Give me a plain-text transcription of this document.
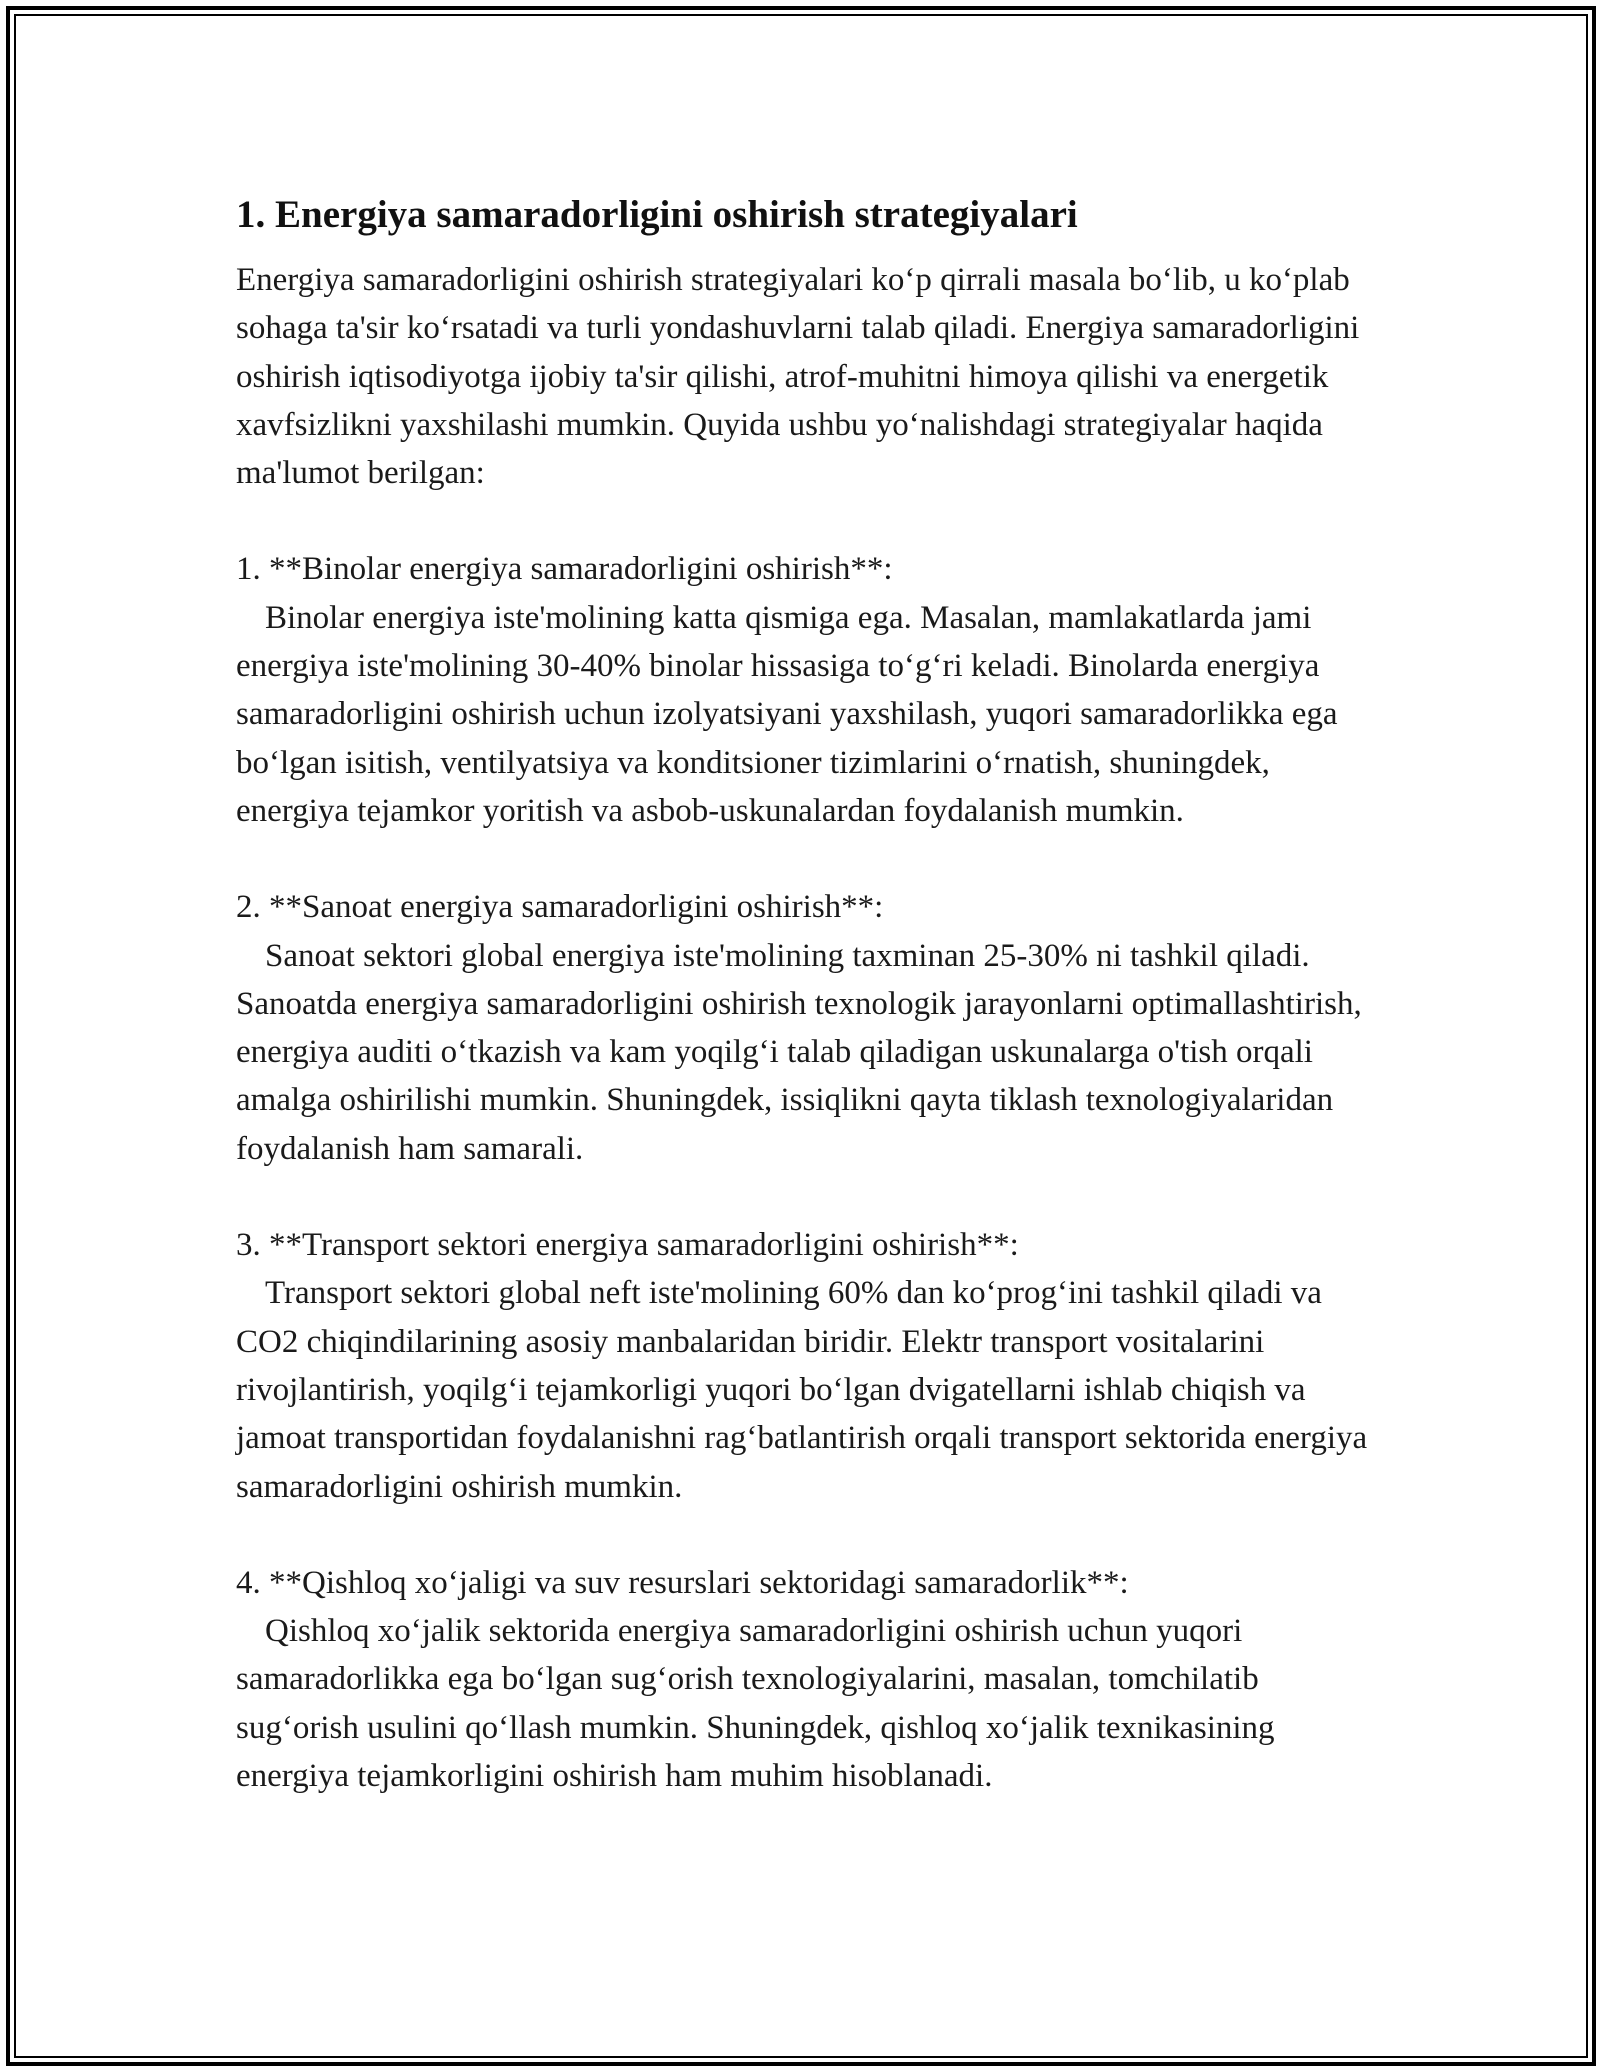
1. Energiya samaradorligini oshirish strategiyalari

Energiya samaradorligini oshirish strategiyalari ko‘p qirrali masala bo‘lib, u ko‘plab sohaga ta'sir ko‘rsatadi va turli yondashuvlarni talab qiladi. Energiya samaradorligini oshirish iqtisodiyotga ijobiy ta'sir qilishi, atrof-muhitni himoya qilishi va energetik xavfsizlikni yaxshilashi mumkin. Quyida ushbu yo‘nalishdagi strategiyalar haqida ma'lumot berilgan:

1. **Binolar energiya samaradorligini oshirish**:

Binolar energiya iste'molining katta qismiga ega. Masalan, mamlakatlarda jami energiya iste'molining 30-40% binolar hissasiga to‘g‘ri keladi. Binolarda energiya samaradorligini oshirish uchun izolyatsiyani yaxshilash, yuqori samaradorlikka ega bo‘lgan isitish, ventilyatsiya va konditsioner tizimlarini o‘rnatish, shuningdek, energiya tejamkor yoritish va asbob-uskunalardan foydalanish mumkin.

2. **Sanoat energiya samaradorligini oshirish**:

Sanoat sektori global energiya iste'molining taxminan 25-30% ni tashkil qiladi. Sanoatda energiya samaradorligini oshirish texnologik jarayonlarni optimallashtirish, energiya auditi o‘tkazish va kam yoqilg‘i talab qiladigan uskunalarga o'tish orqali amalga oshirilishi mumkin. Shuningdek, issiqlikni qayta tiklash texnologiyalaridan foydalanish ham samarali.

3. **Transport sektori energiya samaradorligini oshirish**:

Transport sektori global neft iste'molining 60% dan ko‘prog‘ini tashkil qiladi va CO2 chiqindilarining asosiy manbalaridan biridir. Elektr transport vositalarini rivojlantirish, yoqilg‘i tejamkorligi yuqori bo‘lgan dvigatellarni ishlab chiqish va jamoat transportidan foydalanishni rag‘batlantirish orqali transport sektorida energiya samaradorligini oshirish mumkin.

4. **Qishloq xo‘jaligi va suv resurslari sektoridagi samaradorlik**:

Qishloq xo‘jalik sektorida energiya samaradorligini oshirish uchun yuqori samaradorlikka ega bo‘lgan sug‘orish texnologiyalarini, masalan, tomchilatib sug‘orish usulini qo‘llash mumkin. Shuningdek, qishloq xo‘jalik texnikasining energiya tejamkorligini oshirish ham muhim hisoblanadi.
